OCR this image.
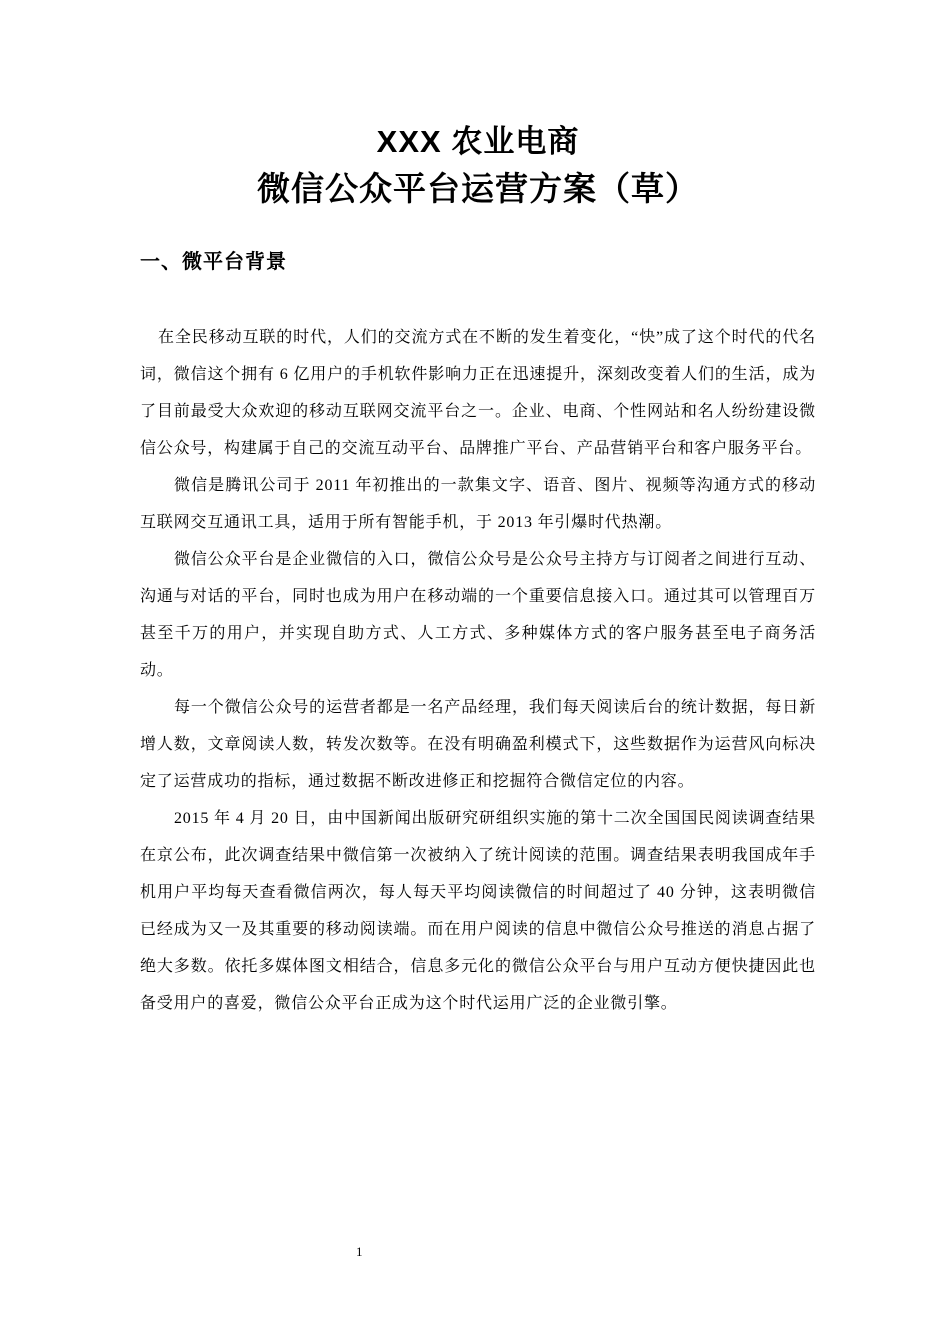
XXX 农业电商
微信公众平台运营方案（草）
一、微平台背景

在全民移动互联的时代，人们的交流方式在不断的发生着变化，“快”成了这个时代的代名词，微信这个拥有 6 亿用户的手机软件影响力正在迅速提升，深刻改变着人们的生活，成为了目前最受大众欢迎的移动互联网交流平台之一。企业、电商、个性网站和名人纷纷建设微信公众号，构建属于自己的交流互动平台、品牌推广平台、产品营销平台和客户服务平台。

微信是腾讯公司于 2011 年初推出的一款集文字、语音、图片、视频等沟通方式的移动互联网交互通讯工具，适用于所有智能手机，于 2013 年引爆时代热潮。

微信公众平台是企业微信的入口，微信公众号是公众号主持方与订阅者之间进行互动、沟通与对话的平台，同时也成为用户在移动端的一个重要信息接入口。通过其可以管理百万甚至千万的用户，并实现自助方式、人工方式、多种媒体方式的客户服务甚至电子商务活动。

每一个微信公众号的运营者都是一名产品经理，我们每天阅读后台的统计数据，每日新增人数，文章阅读人数，转发次数等。在没有明确盈利模式下，这些数据作为运营风向标决定了运营成功的指标，通过数据不断改进修正和挖掘符合微信定位的内容。

2015 年 4 月 20 日，由中国新闻出版研究研组织实施的第十二次全国国民阅读调查结果在京公布，此次调查结果中微信第一次被纳入了统计阅读的范围。调查结果表明我国成年手机用户平均每天查看微信两次，每人每天平均阅读微信的时间超过了 40 分钟，这表明微信已经成为又一及其重要的移动阅读端。而在用户阅读的信息中微信公众号推送的消息占据了绝大多数。依托多媒体图文相结合，信息多元化的微信公众平台与用户互动方便快捷因此也备受用户的喜爱，微信公众平台正成为这个时代运用广泛的企业微引擎。

1
